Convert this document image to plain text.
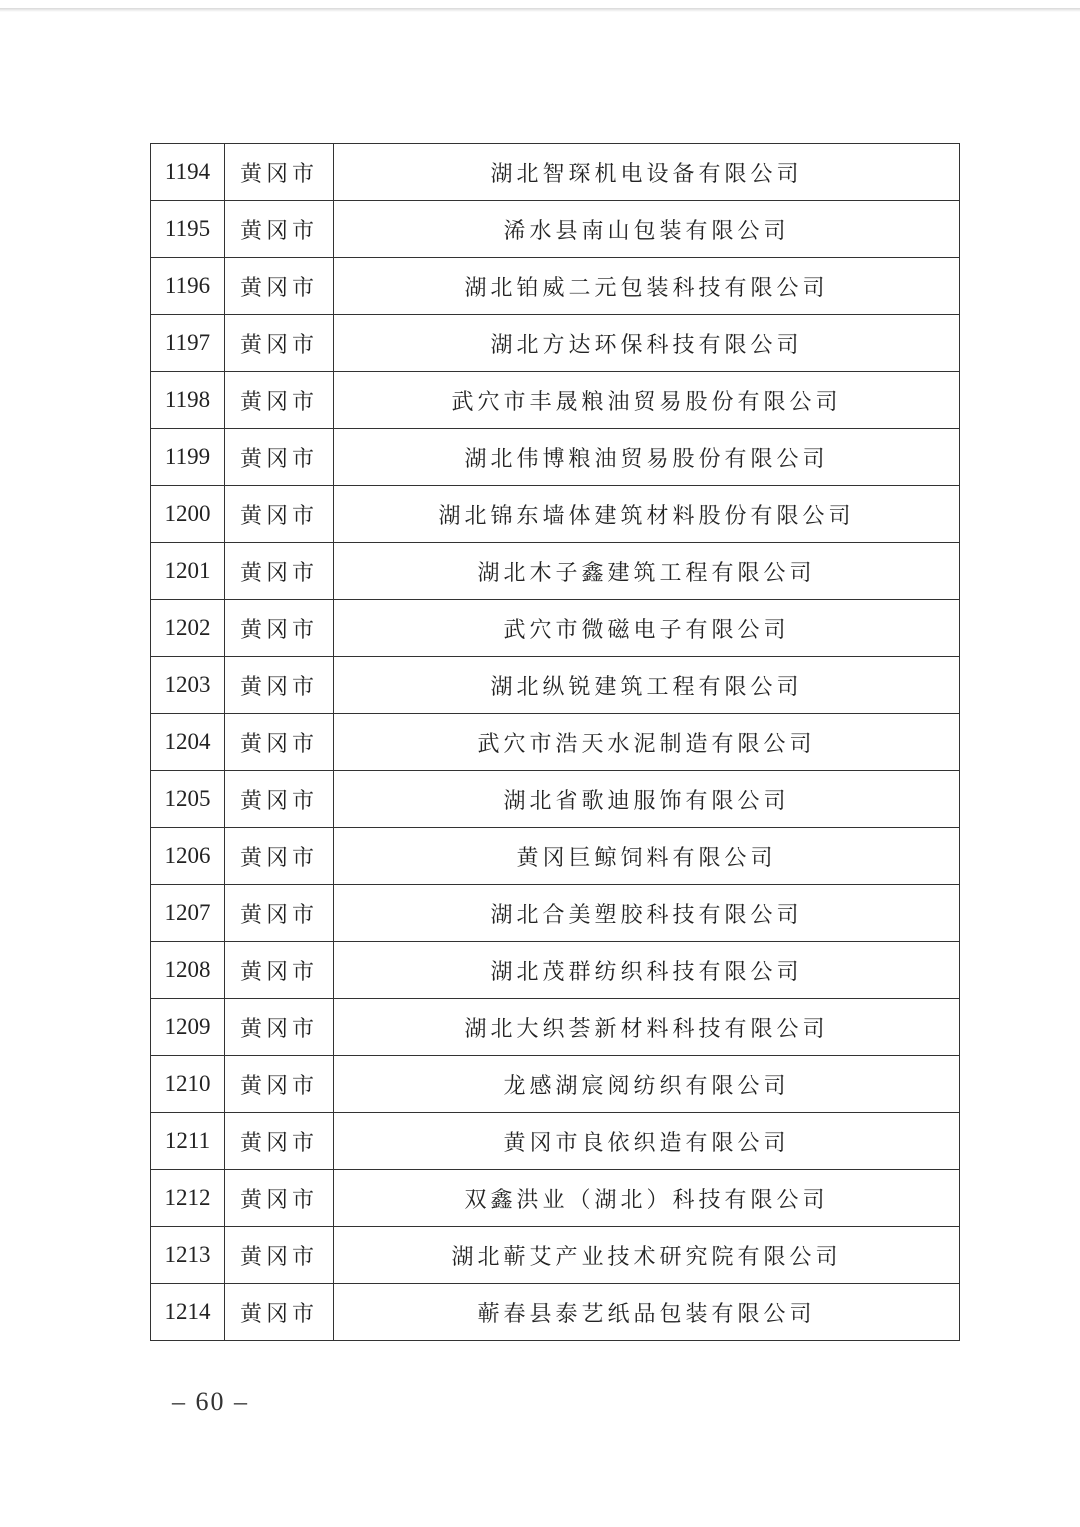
1194	黄冈市	湖北智琛机电设备有限公司
1195	黄冈市	浠水县南山包装有限公司
1196	黄冈市	湖北铂威二元包装科技有限公司
1197	黄冈市	湖北方达环保科技有限公司
1198	黄冈市	武穴市丰晟粮油贸易股份有限公司
1199	黄冈市	湖北伟博粮油贸易股份有限公司
1200	黄冈市	湖北锦东墙体建筑材料股份有限公司
1201	黄冈市	湖北木子鑫建筑工程有限公司
1202	黄冈市	武穴市微磁电子有限公司
1203	黄冈市	湖北纵锐建筑工程有限公司
1204	黄冈市	武穴市浩天水泥制造有限公司
1205	黄冈市	湖北省歌迪服饰有限公司
1206	黄冈市	黄冈巨鲸饲料有限公司
1207	黄冈市	湖北合美塑胶科技有限公司
1208	黄冈市	湖北茂群纺织科技有限公司
1209	黄冈市	湖北大织荟新材料科技有限公司
1210	黄冈市	龙感湖宸阅纺织有限公司
1211	黄冈市	黄冈市良依织造有限公司
1212	黄冈市	双鑫洪业（湖北）科技有限公司
1213	黄冈市	湖北蕲艾产业技术研究院有限公司
1214	黄冈市	蕲春县泰艺纸品包装有限公司
– 60 –
